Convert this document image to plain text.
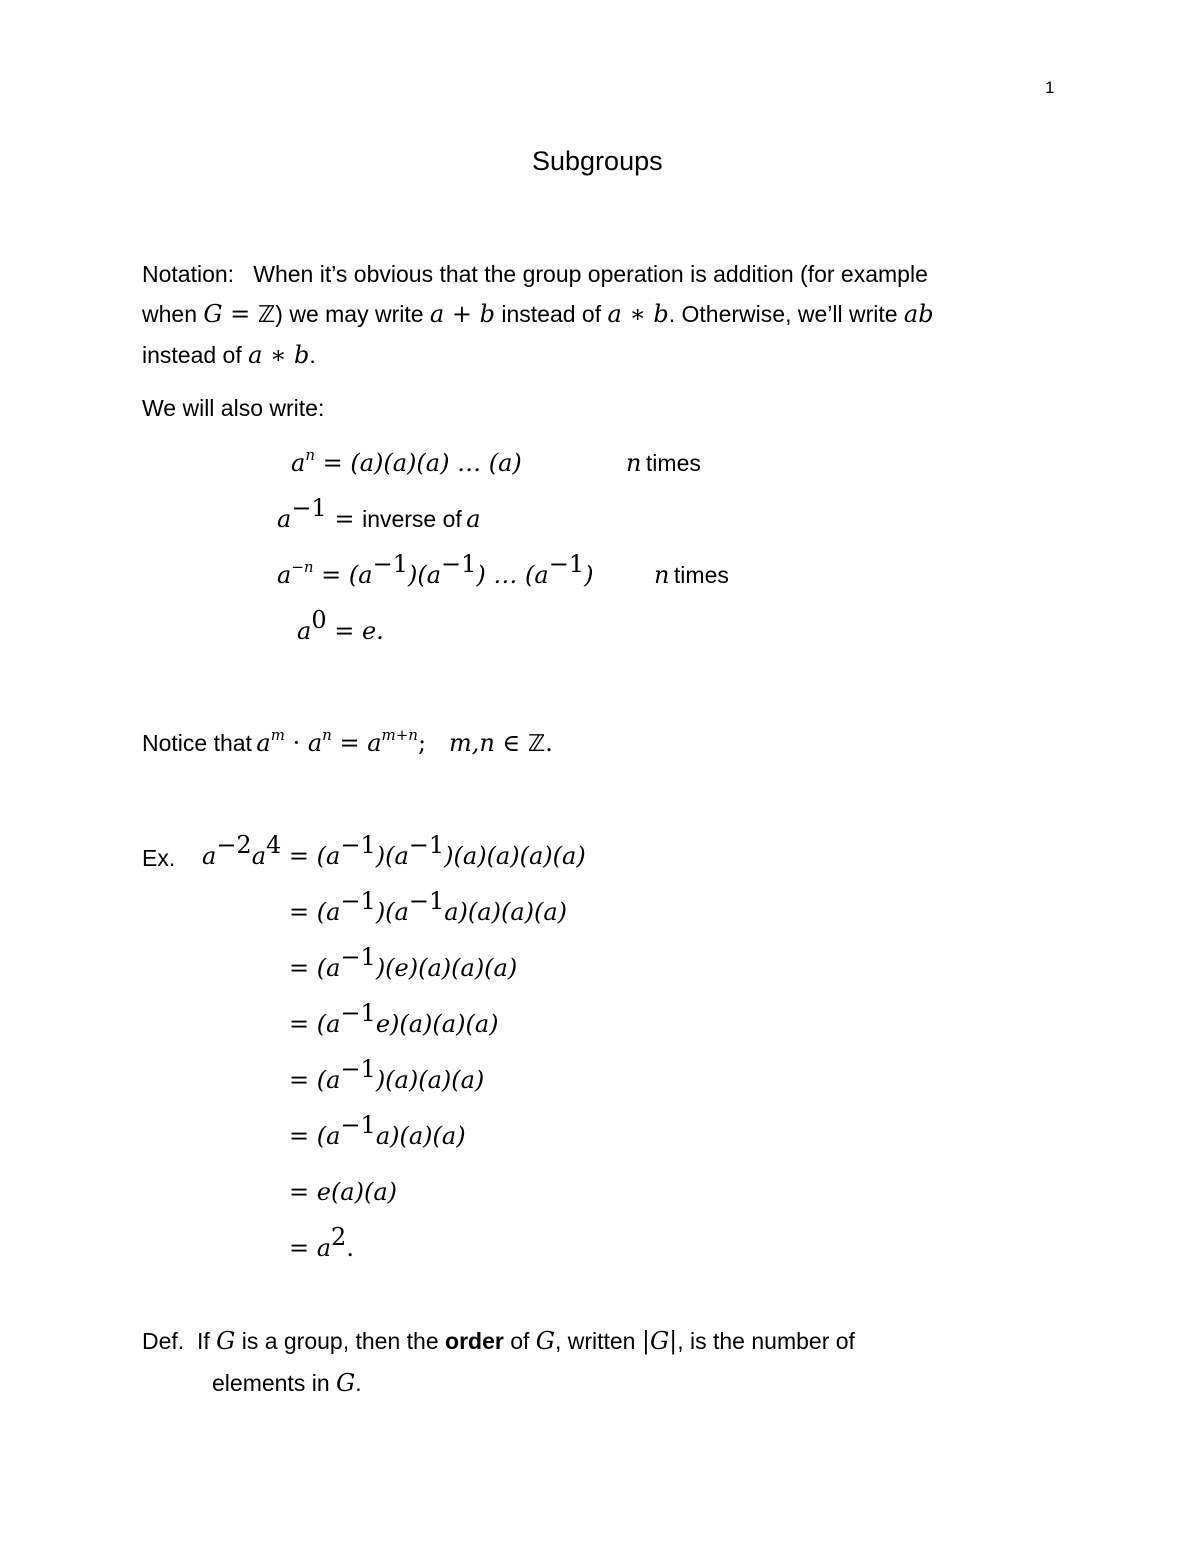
1
Subgroups
Notation: When it’s obvious that the group operation is addition (for example
when G = ℤ) we may write a + b instead of a ∗ b. Otherwise, we’ll write ab
instead of a ∗ b.
We will also write:
$a^n = (a)(a)(a)$ … (a)	n times
$a^{-1}$ = inverse of a
$a^{-n} = (a^{-1})(a^{-1})$ … $(a^{-1})$	n times
$a^0 = e$.
Notice that $a^m \cdot a^n = a^{m+n}$; m,n ∈ ℤ.
Ex. $a^{-2}a^4 = (a^{-1})(a^{-1})(a)(a)(a)(a)$
= $(a^{-1})(a^{-1}a)(a)(a)(a)$
= $(a^{-1})(e)(a)(a)(a)$
= $(a^{-1}e)(a)(a)(a)$
= $(a^{-1})(a)(a)(a)$
= $(a^{-1}a)(a)(a)$
= e(a)(a)
= $a^2$.
Def. If G is a group, then the order of G, written |G|, is the number of
elements in G.
